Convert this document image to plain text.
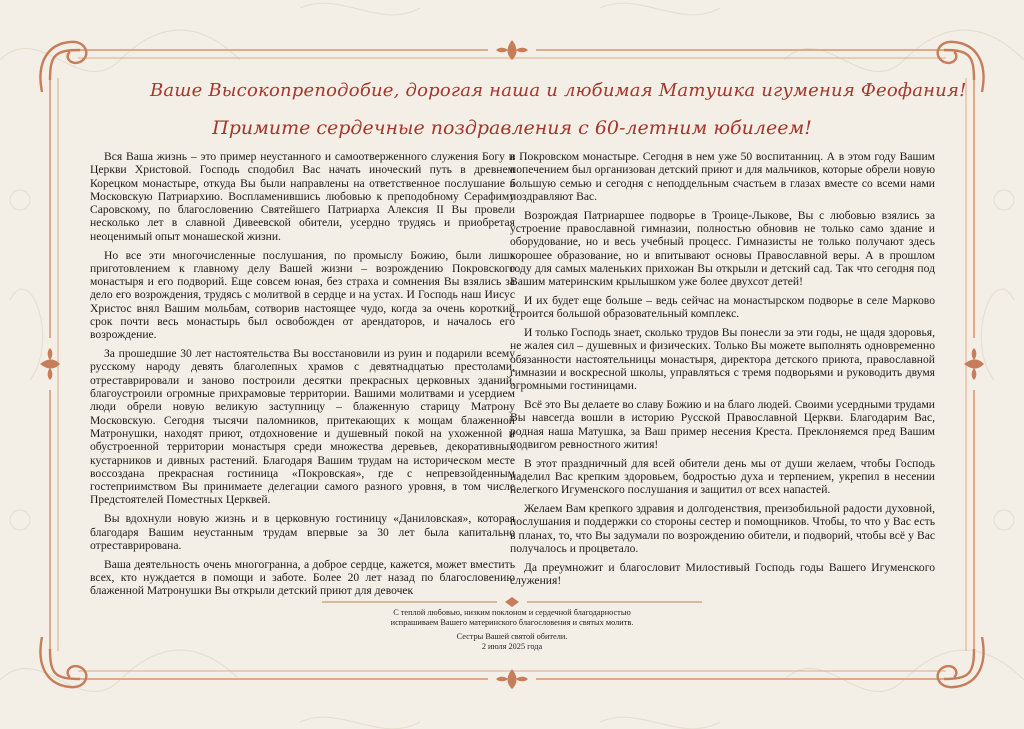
Ваше Высокопреподобие, дорогая наша и любимая Матушка игумения Феофания!
Примите сердечные поздравления с 60-летним юбилеем!

Вся Ваша жизнь – это пример неустанного и самоотверженного служения Богу и Церкви Христовой. Господь сподобил Вас начать иноческий путь в древнем Корецком монастыре, откуда Вы были направлены на ответственное послушание в Московскую Патриархию. Воспламенившись любовью к преподобному Серафиму Саровскому, по благословению Святейшего Патриарха Алексия II Вы провели несколько лет в славной Дивеевской обители, усердно трудясь и приобретая неоценимый опыт монашеской жизни.

Но все эти многочисленные послушания, по промыслу Божию, были лишь приготовлением к главному делу Вашей жизни – возрождению Покровского монастыря и его подворий. Еще совсем юная, без страха и сомнения Вы взялись за дело его возрождения, трудясь с молитвой в сердце и на устах. И Господь наш Иисус Христос внял Вашим мольбам, сотворив настоящее чудо, когда за очень короткий срок почти весь монастырь был освобожден от арендаторов, и началось его возрождение.

За прошедшие 30 лет настоятельства Вы восстановили из руин и подарили всему русскому народу девять благолепных храмов с девятнадцатью престолами, отреставрировали и заново построили десятки прекрасных церковных зданий, благоустроили огромные прихрамовые территории. Вашими молитвами и усердием люди обрели новую великую заступницу – блаженную старицу Матрону Московскую. Сегодня тысячи паломников, притекающих к мощам блаженной Матронушки, находят приют, отдохновение и душевный покой на ухоженной и обустроенной территории монастыря среди множества деревьев, декоративных кустарников и дивных растений. Благодаря Вашим трудам на историческом месте воссоздана прекрасная гостиница «Покровская», где с непревзойденным гостеприимством Вы принимаете делегации самого разного уровня, в том числе Предстоятелей Поместных Церквей.

Вы вдохнули новую жизнь и в церковную гостиницу «Даниловская», которая благодаря Вашим неустанным трудам впервые за 30 лет была капитально отреставрирована.

Ваша деятельность очень многогранна, а доброе сердце, кажется, может вместить всех, кто нуждается в помощи и заботе. Более 20 лет назад по благословению блаженной Матронушки Вы открыли детский приют для девочек

в Покровском монастыре. Сегодня в нем уже 50 воспитанниц. А в этом году Вашим попечением был организован детский приют и для мальчиков, которые обрели новую большую семью и сегодня с неподдельным счастьем в глазах вместе со всеми нами поздравляют Вас.

Возрождая Патриаршее подворье в Троице-Лыкове, Вы с любовью взялись за устроение православной гимназии, полностью обновив не только само здание и оборудование, но и весь учебный процесс. Гимназисты не только получают здесь хорошее образование, но и впитывают основы Православной веры. А в прошлом году для самых маленьких прихожан Вы открыли и детский сад. Так что сегодня под Вашим материнским крылышком уже более двухсот детей!

И их будет еще больше – ведь сейчас на монастырском подворье в селе Марково строится большой образовательный комплекс.

И только Господь знает, сколько трудов Вы понесли за эти годы, не щадя здоровья, не жалея сил – душевных и физических. Только Вы можете выполнять одновременно обязанности настоятельницы монастыря, директора детского приюта, православной гимназии и воскресной школы, управляться с тремя подворьями и руководить двумя огромными гостиницами.

Всё это Вы делаете во славу Божию и на благо людей. Своими усердными трудами Вы навсегда вошли в историю Русской Православной Церкви. Благодарим Вас, родная наша Матушка, за Ваш пример несения Креста. Преклоняемся пред Вашим подвигом ревностного жития!

В этот праздничный для всей обители день мы от души желаем, чтобы Господь наделил Вас крепким здоровьем, бодростью духа и терпением, укрепил в несении нелегкого Игуменского послушания и защитил от всех напастей.

Желаем Вам крепкого здравия и долгоденствия, преизобильной радости духовной, послушания и поддержки со стороны сестер и помощников. Чтобы, то что у Вас есть в планах, то, что Вы задумали по возрождению обители, и подворий, чтобы всё у Вас получалось и процветало.

Да преумножит и благословит Милостивый Господь годы Вашего Игуменского служения!

С теплой любовью, низким поклоном и сердечной благодарностью
испрашиваем Вашего материнского благословения и святых молитв.
Сестры Вашей святой обители.
2 июля 2025 года
